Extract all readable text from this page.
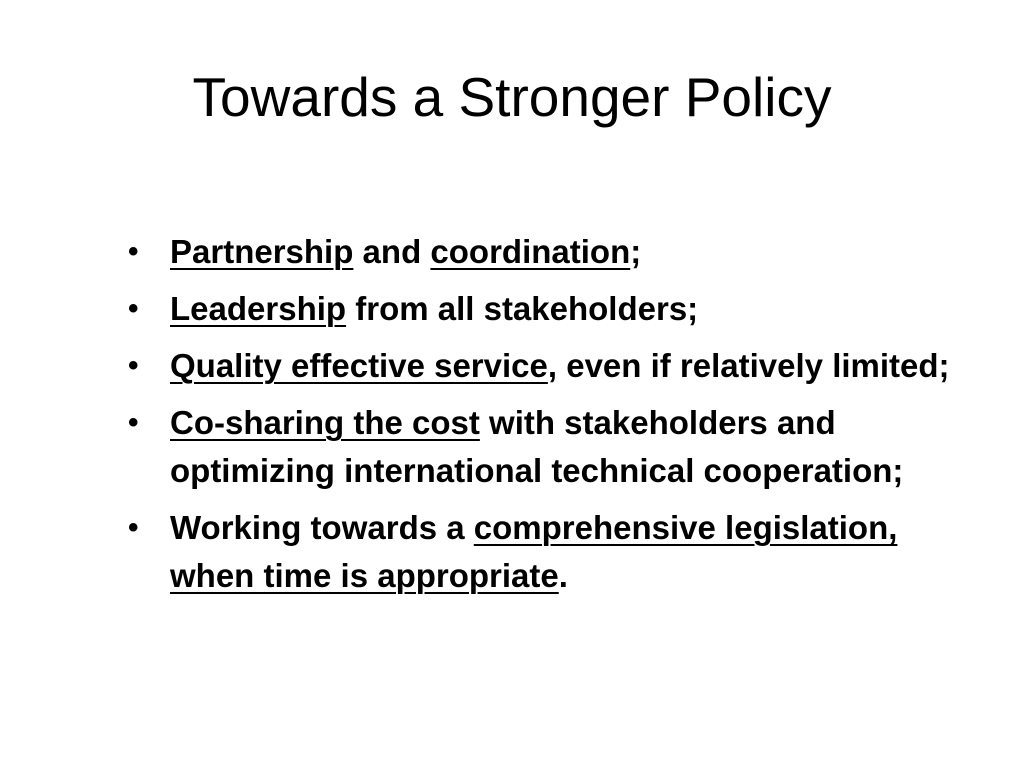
Towards a Stronger Policy
• Partnership and coordination;
• Leadership from all stakeholders;
• Quality effective service, even if relatively limited;
• Co-sharing the cost with stakeholders and optimizing international technical cooperation;
• Working towards a comprehensive legislation, when time is appropriate.
